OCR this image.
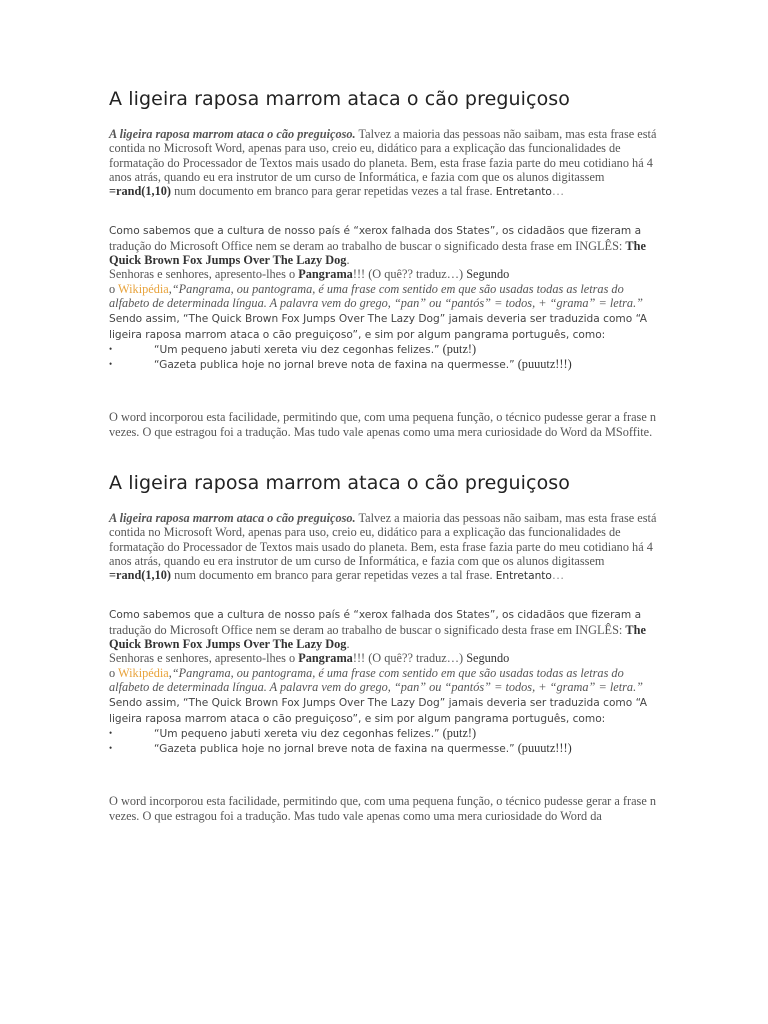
A ligeira raposa marrom ataca o cão preguiçoso
A ligeira raposa marrom ataca o cão preguiçoso. Talvez a maioria das pessoas não saibam, mas esta frase está contida no Microsoft Word, apenas para uso, creio eu, didático para a explicação das funcionalidades de formatação do Processador de Textos mais usado do planeta. Bem, esta frase fazia parte do meu cotidiano há 4 anos atrás, quando eu era instrutor de um curso de Informática, e fazia com que os alunos digitassem =rand(1,10) num documento em branco para gerar repetidas vezes a tal frase. Entretanto…
Como sabemos que a cultura de nosso país é “xerox falhada dos States”, os cidadãos que fizeram a tradução do Microsoft Office nem se deram ao trabalho de buscar o significado desta frase em INGLÊS: The Quick Brown Fox Jumps Over The Lazy Dog.
Senhoras e senhores, apresento-lhes o Pangrama!!! (O quê?? traduz…) Segundo
o Wikipédia,“Pangrama, ou pantograma, é uma frase com sentido em que são usadas todas as letras do alfabeto de determinada língua. A palavra vem do grego, “pan” ou “pantós” = todos, + “grama” = letra.” Sendo assim, “The Quick Brown Fox Jumps Over The Lazy Dog” jamais deveria ser traduzida como “A ligeira raposa marrom ataca o cão preguiçoso”, e sim por algum pangrama português, como:
•	“Um pequeno jabuti xereta viu dez cegonhas felizes.” (putz!)
•	“Gazeta publica hoje no jornal breve nota de faxina na quermesse.” (puuutz!!!)
O word incorporou esta facilidade, permitindo que, com uma pequena função, o técnico pudesse gerar a frase n vezes. O que estragou foi a tradução. Mas tudo vale apenas como uma mera curiosidade do Word da MSoffite.
A ligeira raposa marrom ataca o cão preguiçoso
A ligeira raposa marrom ataca o cão preguiçoso. Talvez a maioria das pessoas não saibam, mas esta frase está contida no Microsoft Word, apenas para uso, creio eu, didático para a explicação das funcionalidades de formatação do Processador de Textos mais usado do planeta. Bem, esta frase fazia parte do meu cotidiano há 4 anos atrás, quando eu era instrutor de um curso de Informática, e fazia com que os alunos digitassem =rand(1,10) num documento em branco para gerar repetidas vezes a tal frase. Entretanto…
Como sabemos que a cultura de nosso país é “xerox falhada dos States”, os cidadãos que fizeram a tradução do Microsoft Office nem se deram ao trabalho de buscar o significado desta frase em INGLÊS: The Quick Brown Fox Jumps Over The Lazy Dog.
Senhoras e senhores, apresento-lhes o Pangrama!!! (O quê?? traduz…) Segundo
o Wikipédia,“Pangrama, ou pantograma, é uma frase com sentido em que são usadas todas as letras do alfabeto de determinada língua. A palavra vem do grego, “pan” ou “pantós” = todos, + “grama” = letra.” Sendo assim, “The Quick Brown Fox Jumps Over The Lazy Dog” jamais deveria ser traduzida como “A ligeira raposa marrom ataca o cão preguiçoso”, e sim por algum pangrama português, como:
•	“Um pequeno jabuti xereta viu dez cegonhas felizes.” (putz!)
•	“Gazeta publica hoje no jornal breve nota de faxina na quermesse.” (puuutz!!!)
O word incorporou esta facilidade, permitindo que, com uma pequena função, o técnico pudesse gerar a frase n vezes. O que estragou foi a tradução. Mas tudo vale apenas como uma mera curiosidade do Word da
